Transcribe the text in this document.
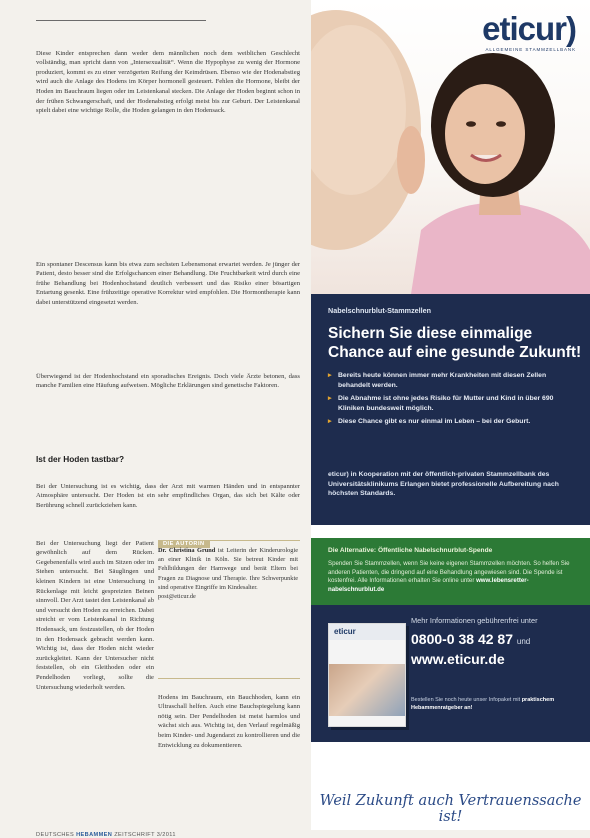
Diese Kinder entsprechen dann weder dem männlichen noch dem weiblichen Geschlecht vollständig, man spricht dann von „Intersexualität“. Wenn die Hypophyse zu wenig der Hormone produziert, kommt es zu einer verzögerten Reifung der Keimdrüsen. Ebenso wie der Hodenabstieg wird auch die Anlage des Hodens im Körper hormonell gesteuert. Fehlen die Hormone, bleibt der Hoden im Bauchraum liegen oder im Leistenkanal stecken. Die Anlage der Hoden beginnt schon in der frühen Schwangerschaft, und der Hodenabstieg erfolgt meist bis zur Geburt. Der Leistenkanal spielt dabei eine wichtige Rolle, die Hoden gelangen in den Hodensack.

Ein spontaner Descensus kann bis etwa zum sechsten Lebensmonat erwartet werden. Je jünger der Patient, desto besser sind die Erfolgschancen einer Behandlung. Die Fruchtbarkeit wird durch eine frühe Behandlung bei Hodenhochstand deutlich verbessert und das Risiko einer bösartigen Entartung gesenkt. Eine frühzeitige operative Korrektur wird empfohlen. Die Hormontherapie kann dabei unterstützend eingesetzt werden.

Überwiegend ist der Hodenhochstand ein sporadisches Ereignis. Doch viele Ärzte betonen, dass manche Familien eine Häufung aufweisen. Mögliche Erklärungen sind genetische Faktoren.

Ist der Hoden tastbar?

Bei der Untersuchung ist es wichtig, dass der Arzt mit warmen Händen und in entspannter Atmosphäre untersucht. Der Hoden ist ein sehr empfindliches Organ, das sich bei Kälte oder Berührung schnell zurückziehen kann.

Bei der Untersuchung liegt der Patient gewöhnlich auf dem Rücken. Gegebenenfalls wird auch im Sitzen oder im Stehen untersucht. Bei Säuglingen und kleinen Kindern ist eine Untersuchung in Rückenlage mit leicht gespreizten Beinen sinnvoll. Der Arzt tastet den Leistenkanal ab und versucht den Hoden zu erreichen. Dabei streicht er vom Leistenkanal in Richtung Hodensack, um festzustellen, ob der Hoden in den Hodensack gebracht werden kann. Wichtig ist, dass der Hoden nicht wieder zurückgleitet. Kann der Untersucher nicht feststellen, ob ein Gleithoden oder ein Pendelhoden vorliegt, sollte die Untersuchung wiederholt werden.

DIE AUTORIN
Dr. Christina Grund ist Leiterin der Kinderurologie an einer Klinik in Köln. Sie betreut Kinder mit Fehlbildungen der Harnwege und berät Eltern bei Fragen zu Diagnose und Therapie. Ihre Schwerpunkte sind operative Eingriffe im Kindesalter.
post@eticur.de

Hodens im Bauchraum, ein Bauchhoden, kann ein Ultraschall helfen. Auch eine Bauchspiegelung kann nötig sein. Der Pendelhoden ist meist harmlos und wächst sich aus. Wichtig ist, den Verlauf regelmäßig beim Kinder- und Jugendarzt zu kontrollieren und die Entwicklung zu dokumentieren.

DEUTSCHES HEBAMMEN ZEITSCHRIFT 3/2011
eticur)
ALLGEMEINE STAMMZELLBANK
Nabelschnurblut-Stammzellen
Sichern Sie diese einmalige Chance auf eine gesunde Zukunft!
▸ Bereits heute können immer mehr Krankheiten mit diesen Zellen behandelt werden.
▸ Die Abnahme ist ohne jedes Risiko für Mutter und Kind in über 690 Kliniken bundesweit möglich.
▸ Diese Chance gibt es nur einmal im Leben – bei der Geburt.
eticur) in Kooperation mit der öffentlich-privaten Stammzellbank des Universitätsklinikums Erlangen bietet professionelle Aufbereitung nach höchsten Standards.
Die Alternative: Öffentliche Nabelschnurblut-Spende
Spenden Sie Stammzellen, wenn Sie keine eigenen Stammzellen möchten. So helfen Sie anderen Patienten, die dringend auf eine Behandlung angewiesen sind. Die Spende ist kostenfrei. Alle Informationen erhalten Sie online unter www.lebensretter-nabelschnurblut.de
eticur
Mehr Informationen gebührenfrei unter
0800-0 38 42 87 und
www.eticur.de
Bestellen Sie noch heute unser Infopaket mit praktischem Hebammenratgeber an!
Weil Zukunft auch Vertrauenssache ist!
